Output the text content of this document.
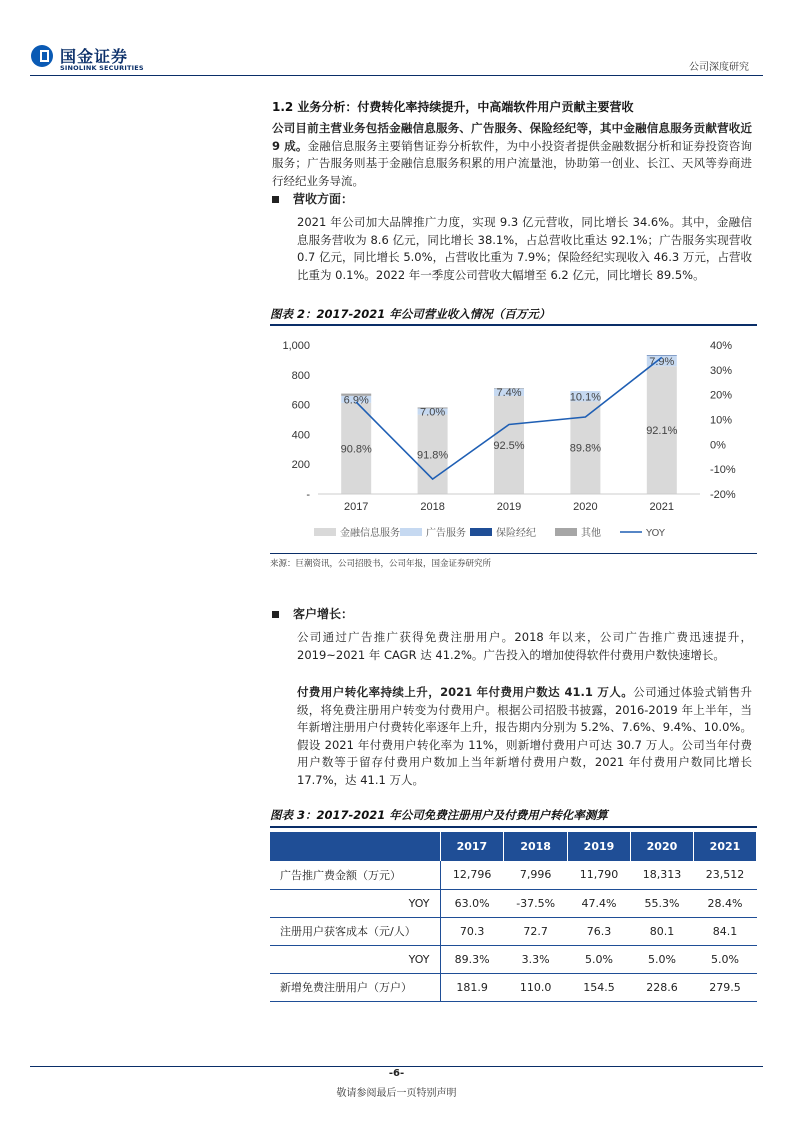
国金证券
SINOLINK SECURITIES	公司深度研究
1.2 业务分析：付费转化率持续提升，中高端软件用户贡献主要营收
公司目前主营业务包括金融信息服务、广告服务、保险经纪等，其中金融信息服务贡献营收近 9 成。金融信息服务主要销售证券分析软件，为中小投资者提供金融数据分析和证券投资咨询服务；广告服务则基于金融信息服务积累的用户流量池，协助第一创业、长江、天风等券商进行经纪业务导流。
营收方面：
2021 年公司加大品牌推广力度，实现 9.3 亿元营收，同比增长 34.6%。其中，金融信息服务营收为 8.6 亿元，同比增长 38.1%，占总营收比重达 92.1%；广告服务实现营收 0.7 亿元，同比增长 5.0%，占营收比重为 7.9%；保险经纪实现收入 46.3 万元，占营收比重为 0.1%。2022 年一季度公司营收大幅增至 6.2 亿元，同比增长 89.5%。
图表 2：2017-2021 年公司营业收入情况（百万元）
90.8%
6.9%
91.8%
7.0%
92.5%
7.4%
89.8%
10.1%
92.1%
7.9%
-
200
400
600
800
1,000
-20%
-10%
0%
10%
20%
30%
40%
2017	2018	2019	2020	2021
金融信息服务	广告服务	保险经纪	其他	YOY
来源：巨潮资讯，公司招股书，公司年报，国金证券研究所
客户增长：
公司通过广告推广获得免费注册用户。2018 年以来，公司广告推广费迅速提升，2019~2021 年 CAGR 达 41.2%。广告投入的增加使得软件付费用户数快速增长。
付费用户转化率持续上升，2021 年付费用户数达 41.1 万人。公司通过体验式销售升级，将免费注册用户转变为付费用户。根据公司招股书披露，2016-2019 年上半年，当年新增注册用户付费转化率逐年上升，报告期内分别为 5.2%、7.6%、9.4%、10.0%。假设 2021 年付费用户转化率为 11%，则新增付费用户可达 30.7 万人。公司当年付费用户数等于留存付费用户数加上当年新增付费用户数，2021 年付费用户数同比增长 17.7%，达 41.1 万人。
图表 3：2017-2021 年公司免费注册用户及付费用户转化率测算
	2017	2018	2019	2020	2021
广告推广费金额（万元）	12,796	7,996	11,790	18,313	23,512
YOY	63.0%	-37.5%	47.4%	55.3%	28.4%
注册用户获客成本（元/人）	70.3	72.7	76.3	80.1	84.1
YOY	89.3%	3.3%	5.0%	5.0%	5.0%
新增免费注册用户（万户）	181.9	110.0	154.5	228.6	279.5
-6-
敬请参阅最后一页特别声明
